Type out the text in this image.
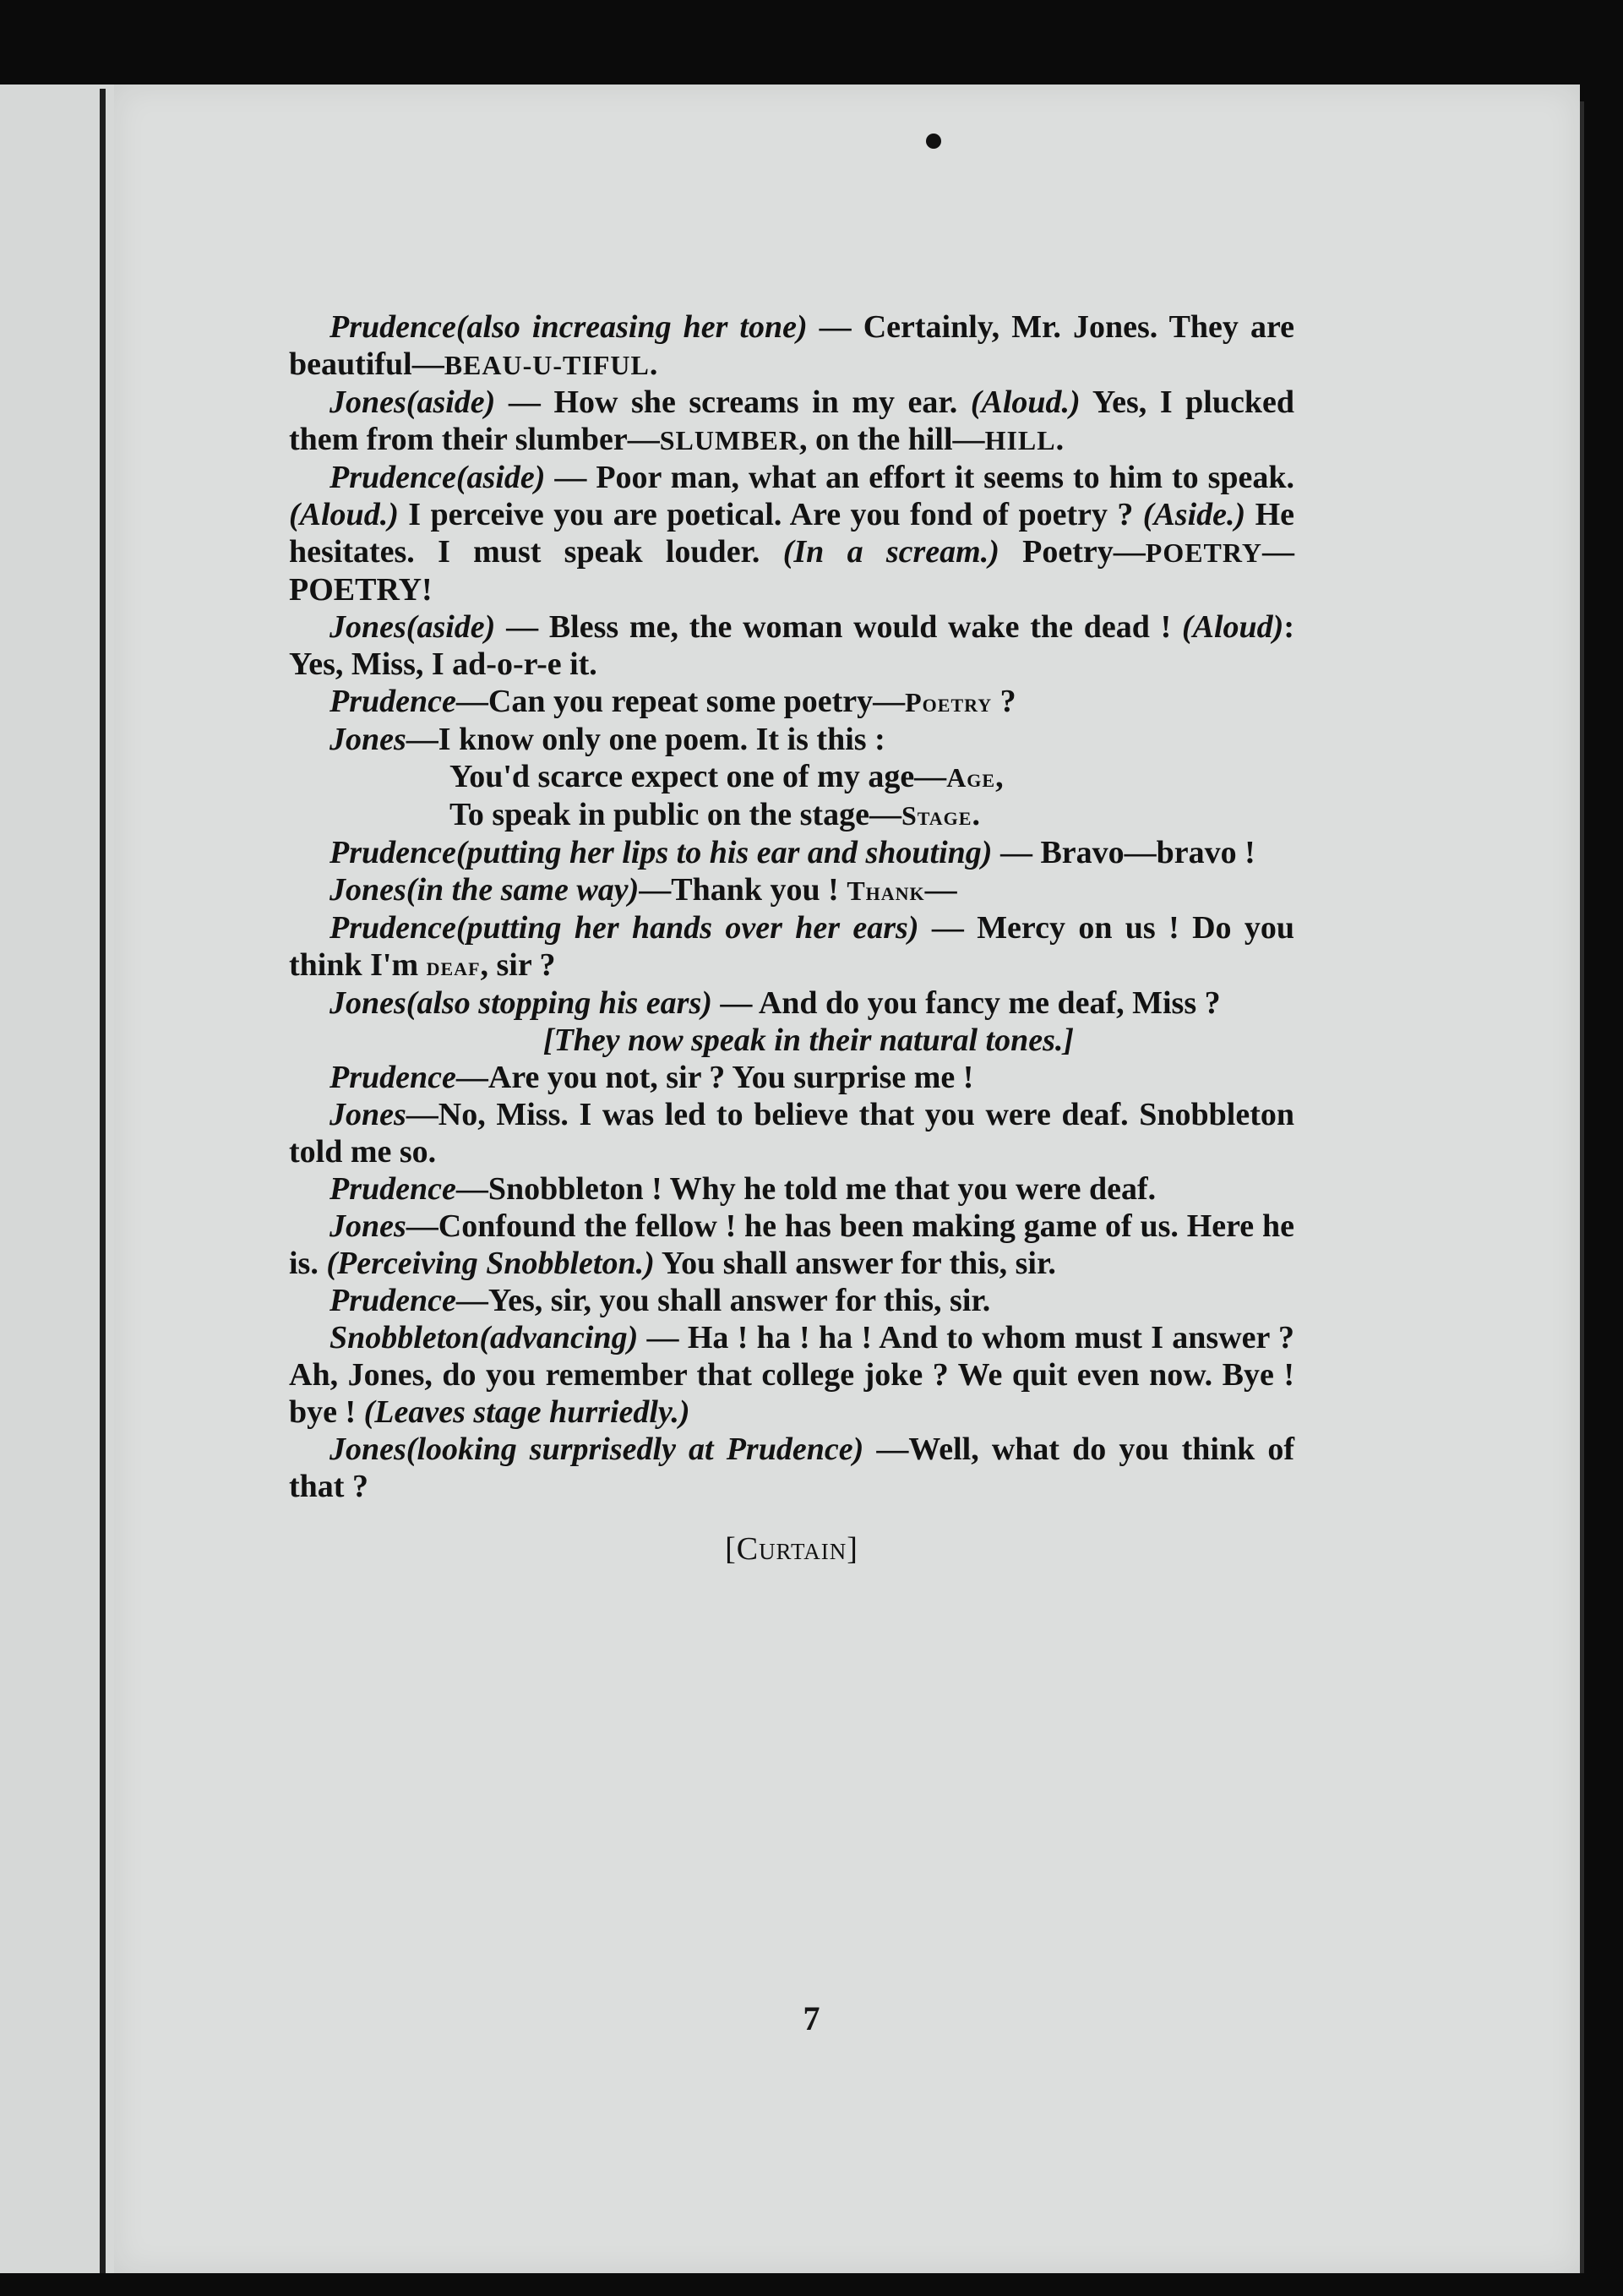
Prudence(also increasing her tone) — Certainly, Mr. Jones. They are beautiful—BEAU-U-TIFUL.

Jones(aside) — How she screams in my ear. (Aloud.) Yes, I plucked them from their slumber—SLUMBER, on the hill—HILL.

Prudence(aside) — Poor man, what an effort it seems to him to speak. (Aloud.) I perceive you are poetical. Are you fond of poetry ? (Aside.) He hesitates. I must speak louder. (In a scream.) Poetry—POETRY—POETRY!

Jones(aside) — Bless me, the woman would wake the dead ! (Aloud): Yes, Miss, I ad-o-r-e it.

Prudence—Can you repeat some poetry—Poetry ?

Jones—I know only one poem. It is this :

You'd scarce expect one of my age—Age,

To speak in public on the stage—Stage.

Prudence(putting her lips to his ear and shouting) — Bravo—bravo !

Jones(in the same way)—Thank you ! Thank—

Prudence(putting her hands over her ears) — Mercy on us ! Do you think I'm deaf, sir ?

Jones(also stopping his ears) — And do you fancy me deaf, Miss ?

[They now speak in their natural tones.]

Prudence—Are you not, sir ? You surprise me !

Jones—No, Miss. I was led to believe that you were deaf. Snobbleton told me so.

Prudence—Snobbleton ! Why he told me that you were deaf.

Jones—Confound the fellow ! he has been making game of us. Here he is. (Perceiving Snobbleton.) You shall answer for this, sir.

Prudence—Yes, sir, you shall answer for this, sir.

Snobbleton(advancing) — Ha ! ha ! ha ! And to whom must I answer ? Ah, Jones, do you remember that college joke ? We quit even now. Bye ! bye ! (Leaves stage hurriedly.)

Jones(looking surprisedly at Prudence) —Well, what do you think of that ?

[Curtain]

7
